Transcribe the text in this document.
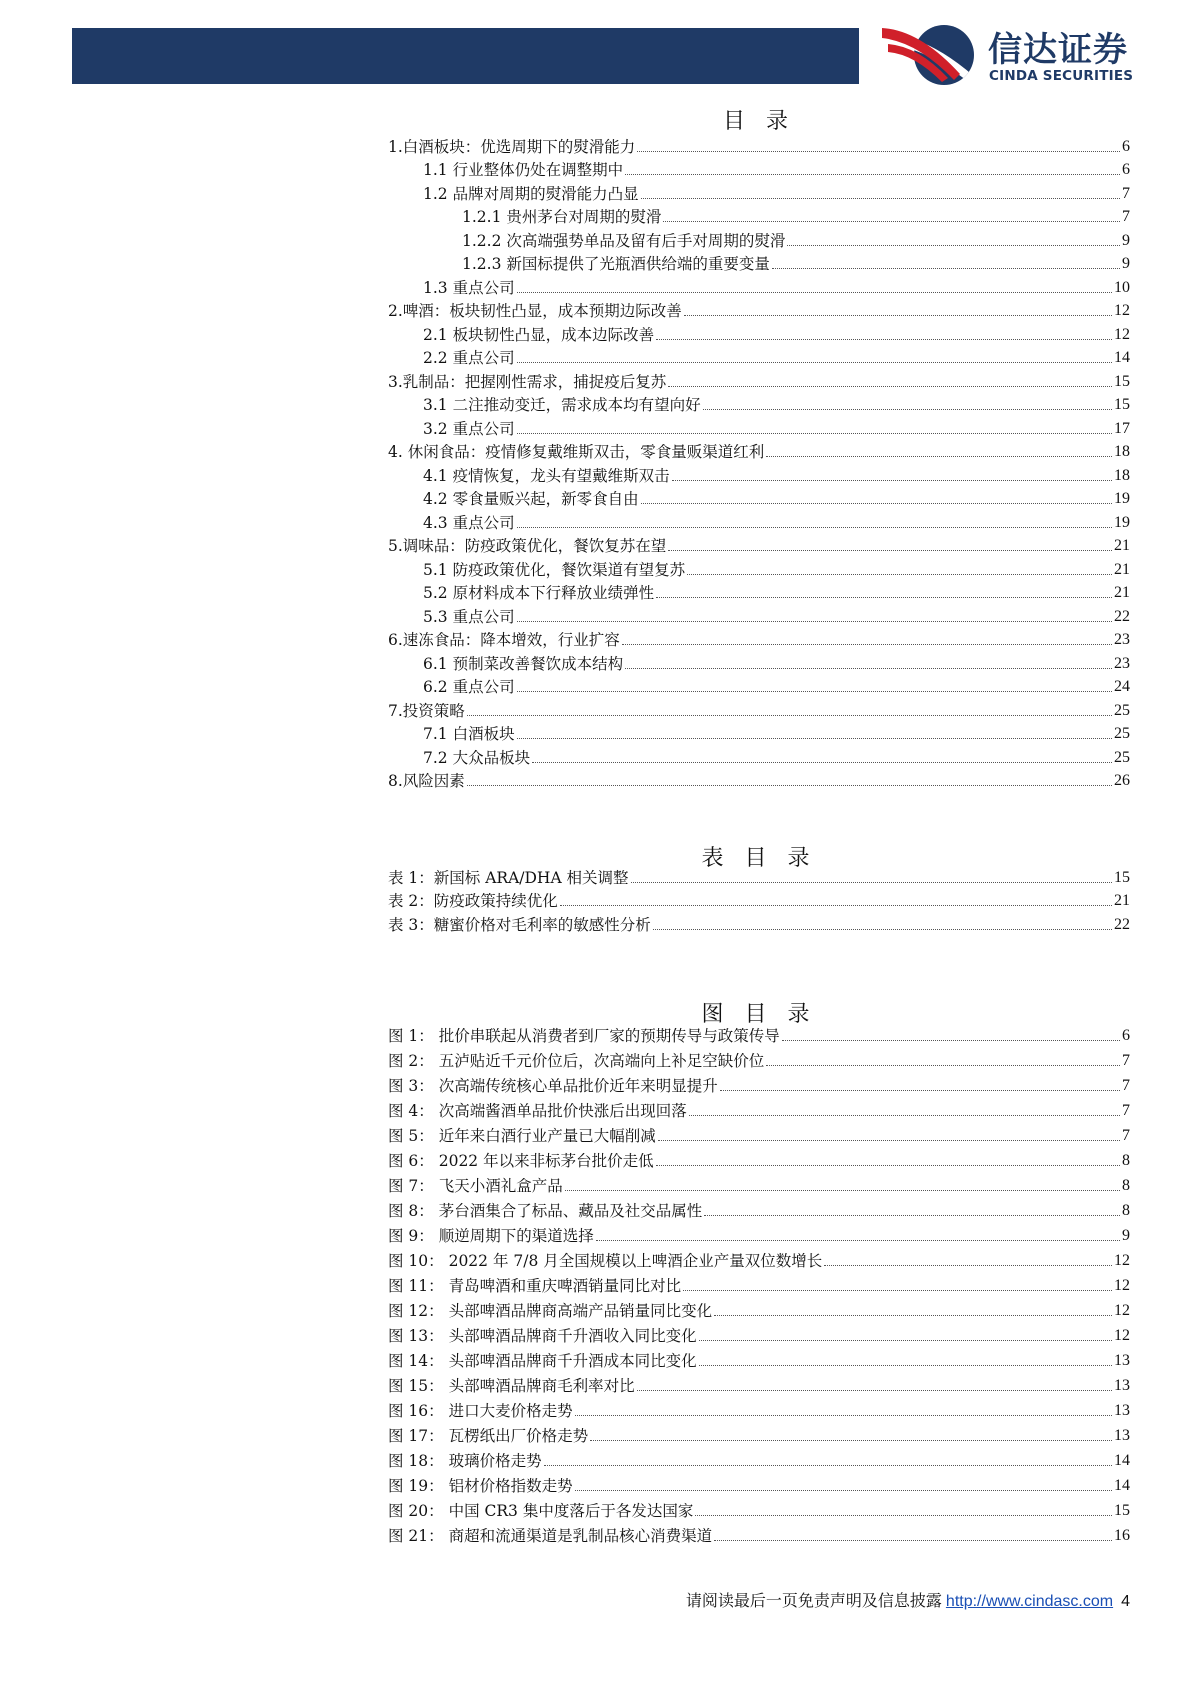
信达证券
CINDA SECURITIES
目 录
1.白酒板块：优选周期下的熨滑能力	6
1.1 行业整体仍处在调整期中	6
1.2 品牌对周期的熨滑能力凸显	7
1.2.1 贵州茅台对周期的熨滑	7
1.2.2 次高端强势单品及留有后手对周期的熨滑	9
1.2.3 新国标提供了光瓶酒供给端的重要变量	9
1.3 重点公司	10
2.啤酒：板块韧性凸显，成本预期边际改善	12
2.1 板块韧性凸显，成本边际改善	12
2.2 重点公司	14
3.乳制品：把握刚性需求，捕捉疫后复苏	15
3.1 二注推动变迁，需求成本均有望向好	15
3.2 重点公司	17
4. 休闲食品：疫情修复戴维斯双击，零食量贩渠道红利	18
4.1 疫情恢复，龙头有望戴维斯双击	18
4.2 零食量贩兴起，新零食自由	19
4.3 重点公司	19
5.调味品：防疫政策优化，餐饮复苏在望	21
5.1 防疫政策优化，餐饮渠道有望复苏	21
5.2 原材料成本下行释放业绩弹性	21
5.3 重点公司	22
6.速冻食品：降本增效，行业扩容	23
6.1 预制菜改善餐饮成本结构	23
6.2 重点公司	24
7.投资策略	25
7.1 白酒板块	25
7.2 大众品板块	25
8.风险因素	26
表 目 录
表 1：新国标 ARA/DHA 相关调整	15
表 2：防疫政策持续优化	21
表 3：糖蜜价格对毛利率的敏感性分析	22
图 目 录
图 1： 批价串联起从消费者到厂家的预期传导与政策传导	6
图 2： 五泸贴近千元价位后，次高端向上补足空缺价位	7
图 3： 次高端传统核心单品批价近年来明显提升	7
图 4： 次高端酱酒单品批价快涨后出现回落	7
图 5： 近年来白酒行业产量已大幅削减	7
图 6： 2022 年以来非标茅台批价走低	8
图 7： 飞天小酒礼盒产品	8
图 8： 茅台酒集合了标品、藏品及社交品属性	8
图 9： 顺逆周期下的渠道选择	9
图 10： 2022 年 7/8 月全国规模以上啤酒企业产量双位数增长	12
图 11： 青岛啤酒和重庆啤酒销量同比对比	12
图 12： 头部啤酒品牌商高端产品销量同比变化	12
图 13： 头部啤酒品牌商千升酒收入同比变化	12
图 14： 头部啤酒品牌商千升酒成本同比变化	13
图 15： 头部啤酒品牌商毛利率对比	13
图 16： 进口大麦价格走势	13
图 17： 瓦楞纸出厂价格走势	13
图 18： 玻璃价格走势	14
图 19： 铝材价格指数走势	14
图 20： 中国 CR3 集中度落后于各发达国家	15
图 21： 商超和流通渠道是乳制品核心消费渠道	16
请阅读最后一页免责声明及信息披露 http://www.cindasc.com 4
